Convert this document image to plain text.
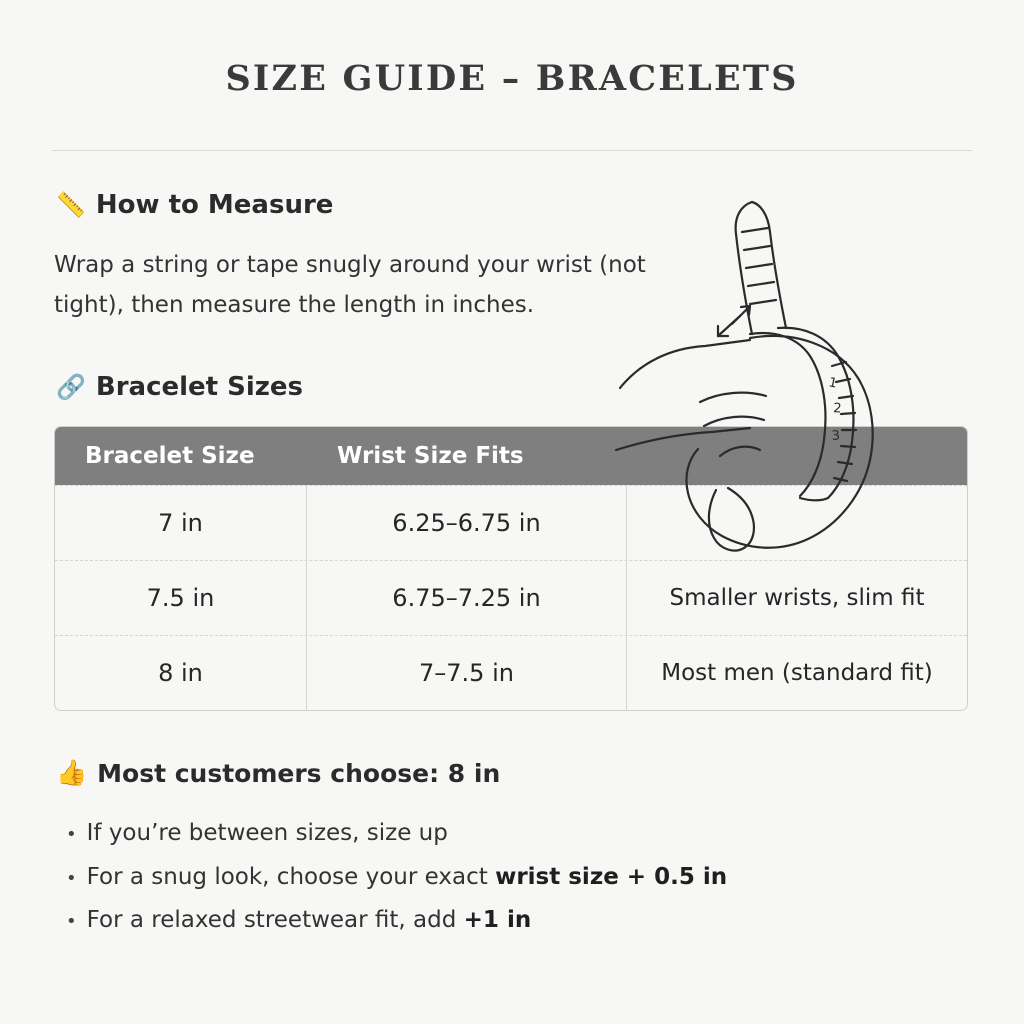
SIZE GUIDE – BRACELETS
📏 How to Measure
Wrap a string or tape snugly around your wrist (not tight), then measure the length in inches.
🔗 Bracelet Sizes
Bracelet Size	Wrist Size Fits
7 in	6.25–6.75 in
7.5 in	6.75–7.25 in	Smaller wrists, slim fit
8 in	7–7.5 in	Most men (standard fit)
👍 Most customers choose: 8 in
• If you’re between sizes, size up
• For a snug look, choose your exact wrist size + 0.5 in
• For a relaxed streetwear fit, add +1 in
1
2
3
